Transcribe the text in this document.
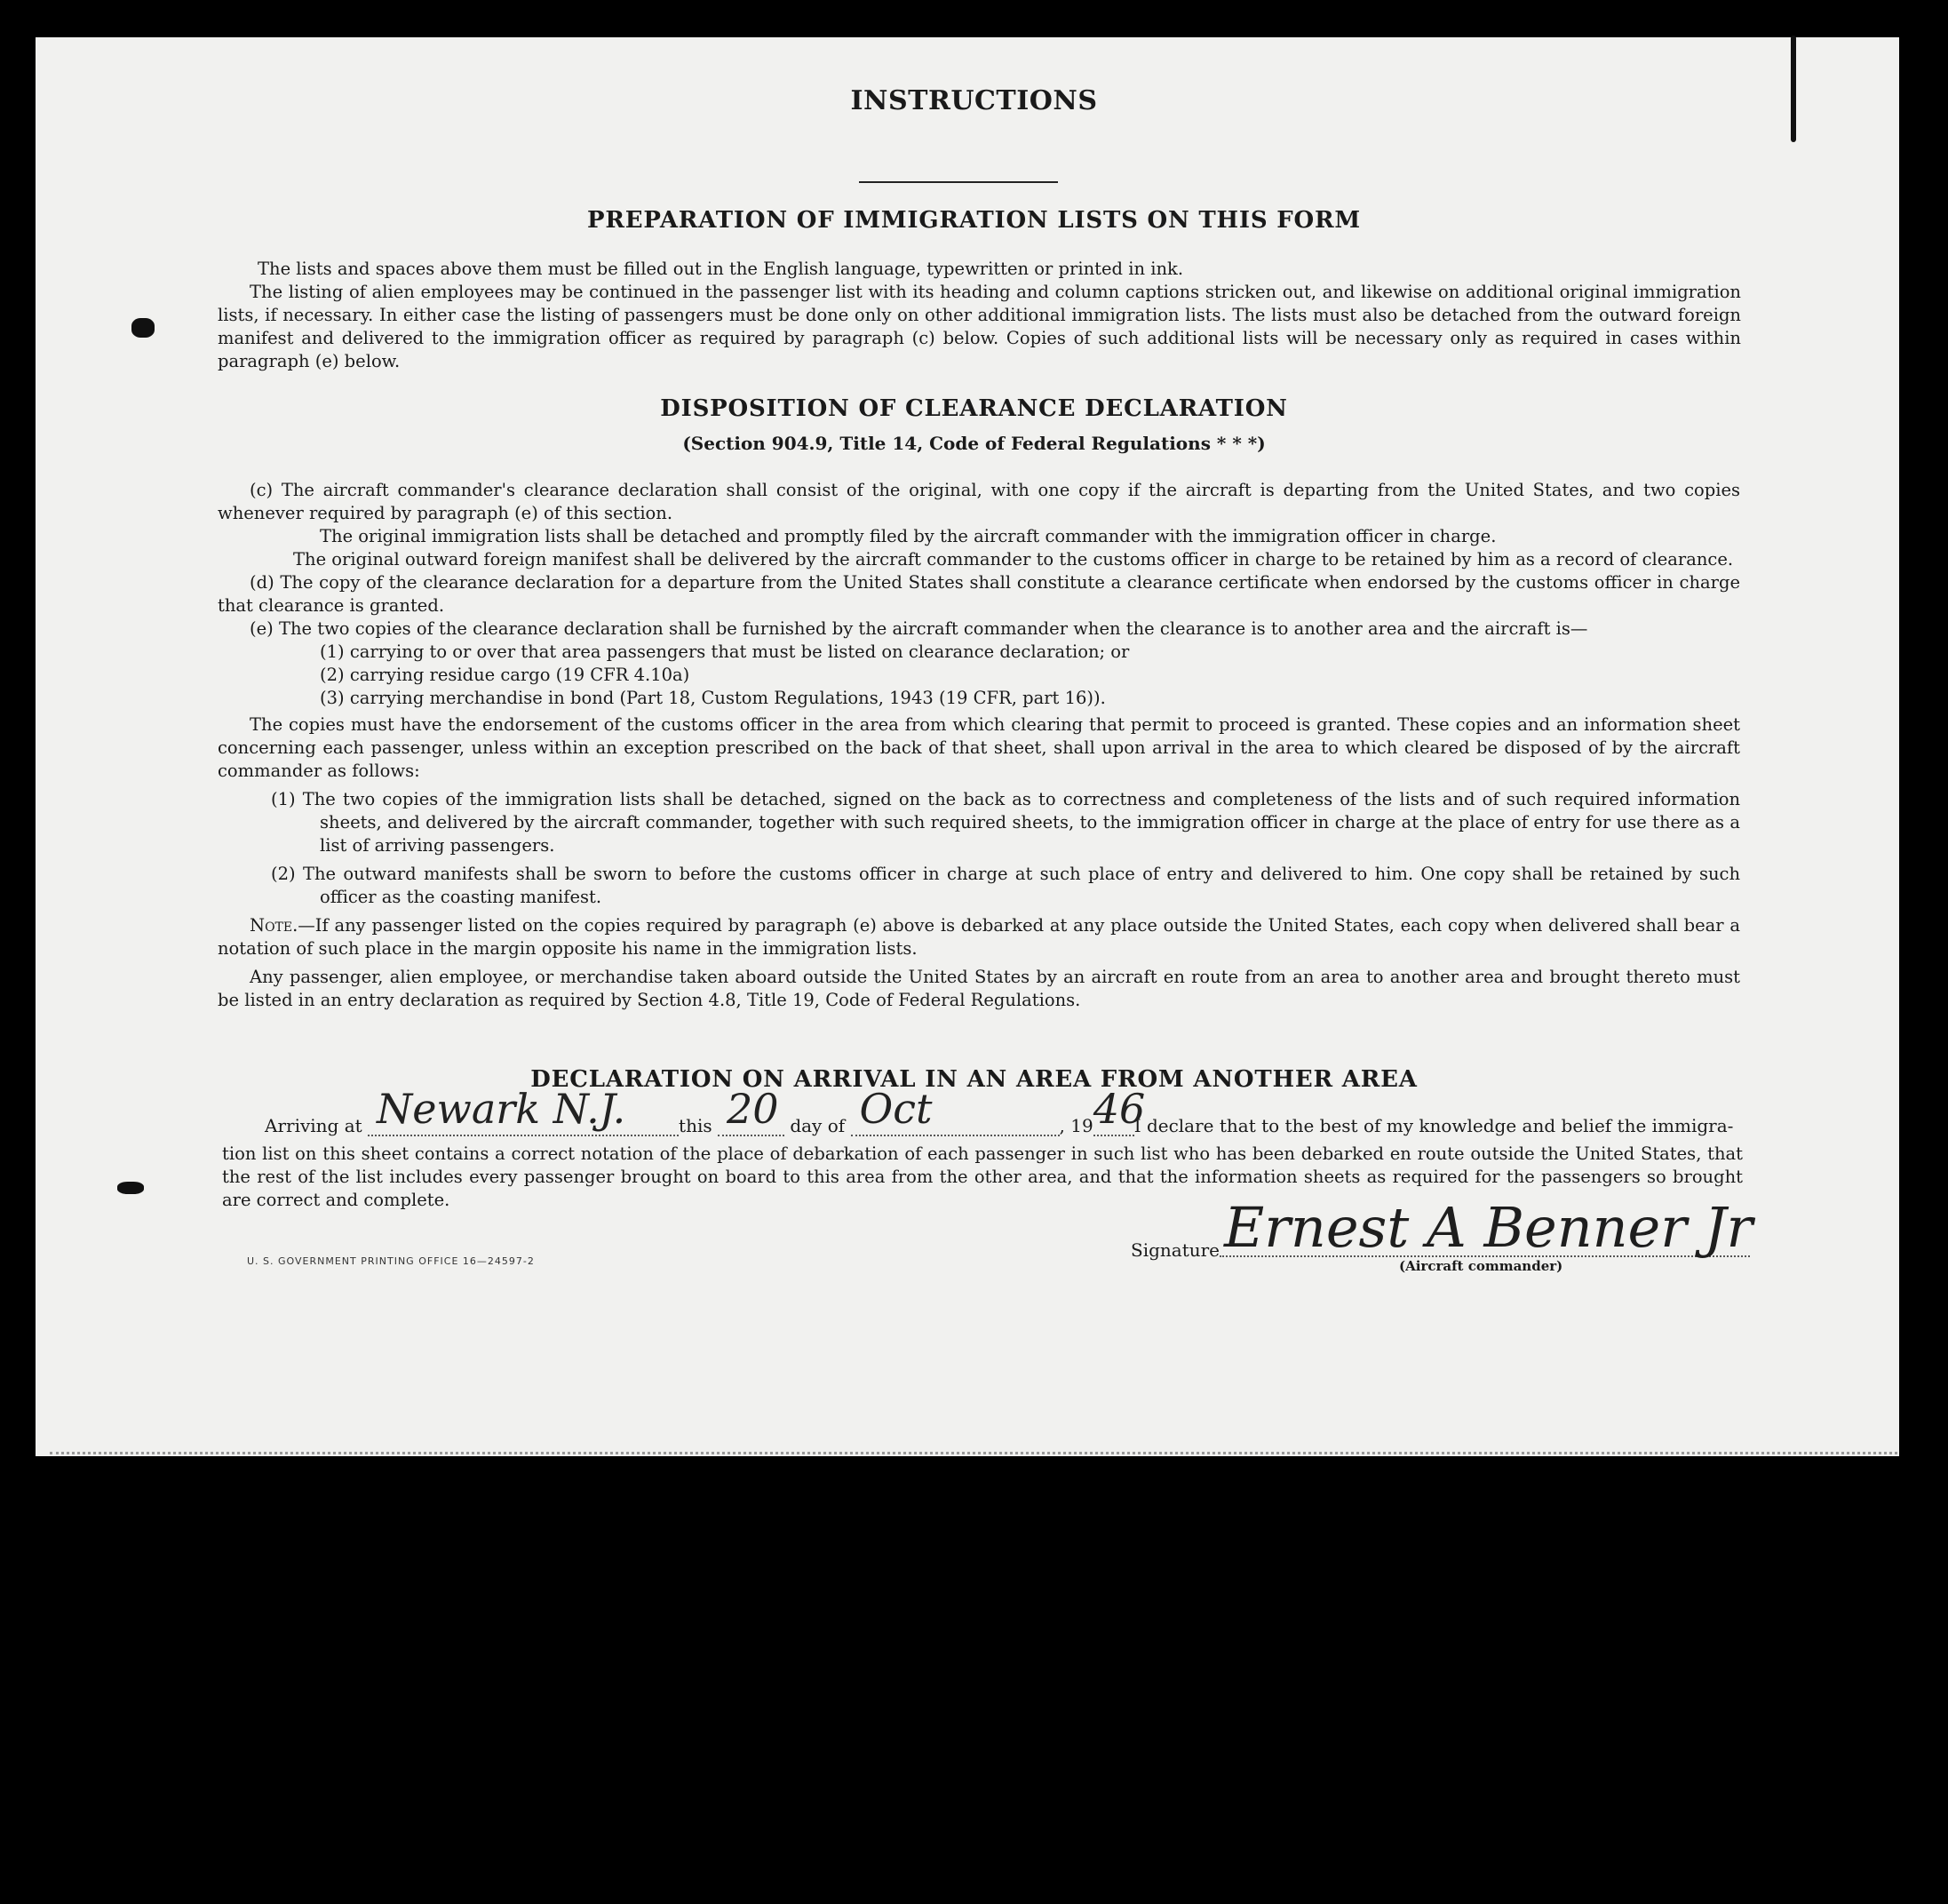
INSTRUCTIONS
PREPARATION OF IMMIGRATION LISTS ON THIS FORM

The lists and spaces above them must be filled out in the English language, typewritten or printed in ink.

The listing of alien employees may be continued in the passenger list with its heading and column captions stricken out, and likewise on additional original immigration lists, if necessary. In either case the listing of passengers must be done only on other additional immigration lists. The lists must also be detached from the outward foreign manifest and delivered to the immigration officer as required by paragraph (c) below. Copies of such additional lists will be necessary only as required in cases within paragraph (e) below.

DISPOSITION OF CLEARANCE DECLARATION
(Section 904.9, Title 14, Code of Federal Regulations * * *)

(c) The aircraft commander's clearance declaration shall consist of the original, with one copy if the aircraft is departing from the United States, and two copies whenever required by paragraph (e) of this section.

The original immigration lists shall be detached and promptly filed by the aircraft commander with the immigration officer in charge.

The original outward foreign manifest shall be delivered by the aircraft commander to the customs officer in charge to be retained by him as a record of clearance.

(d) The copy of the clearance declaration for a departure from the United States shall constitute a clearance certificate when endorsed by the customs officer in charge that clearance is granted.

(e) The two copies of the clearance declaration shall be furnished by the aircraft commander when the clearance is to another area and the aircraft is—

(1) carrying to or over that area passengers that must be listed on clearance declaration; or

(2) carrying residue cargo (19 CFR 4.10a)

(3) carrying merchandise in bond (Part 18, Custom Regulations, 1943 (19 CFR, part 16)).

The copies must have the endorsement of the customs officer in the area from which clearing that permit to proceed is granted. These copies and an information sheet concerning each passenger, unless within an exception prescribed on the back of that sheet, shall upon arrival in the area to which cleared be disposed of by the aircraft commander as follows:

(1) The two copies of the immigration lists shall be detached, signed on the back as to correctness and completeness of the lists and of such required information sheets, and delivered by the aircraft commander, together with such required sheets, to the immigration officer in charge at the place of entry for use there as a list of arriving passengers.

(2) The outward manifests shall be sworn to before the customs officer in charge at such place of entry and delivered to him. One copy shall be retained by such officer as the coasting manifest.

Note.—If any passenger listed on the copies required by paragraph (e) above is debarked at any place outside the United States, each copy when delivered shall bear a notation of such place in the margin opposite his name in the immigration lists.

Any passenger, alien employee, or merchandise taken aboard outside the United States by an aircraft en route from an area to another area and brought thereto must be listed in an entry declaration as required by Section 4.8, Title 19, Code of Federal Regulations.

DECLARATION ON ARRIVAL IN AN AREA FROM ANOTHER AREA
Arriving at Newark N.J.	this 20 day of Oct	, 19 46
I declare that to the best of my knowledge and belief the immigra-
tion list on this sheet contains a correct notation of the place of debarkation of each passenger in such list who has been debarked en route outside the United States, that the rest of the list includes every passenger brought on board to this area from the other area, and that the information sheets as required for the passengers so brought are correct and complete.
U. S. GOVERNMENT PRINTING OFFICE 16—24597-2
Signature Ernest A Benner Jr
(Aircraft commander)
